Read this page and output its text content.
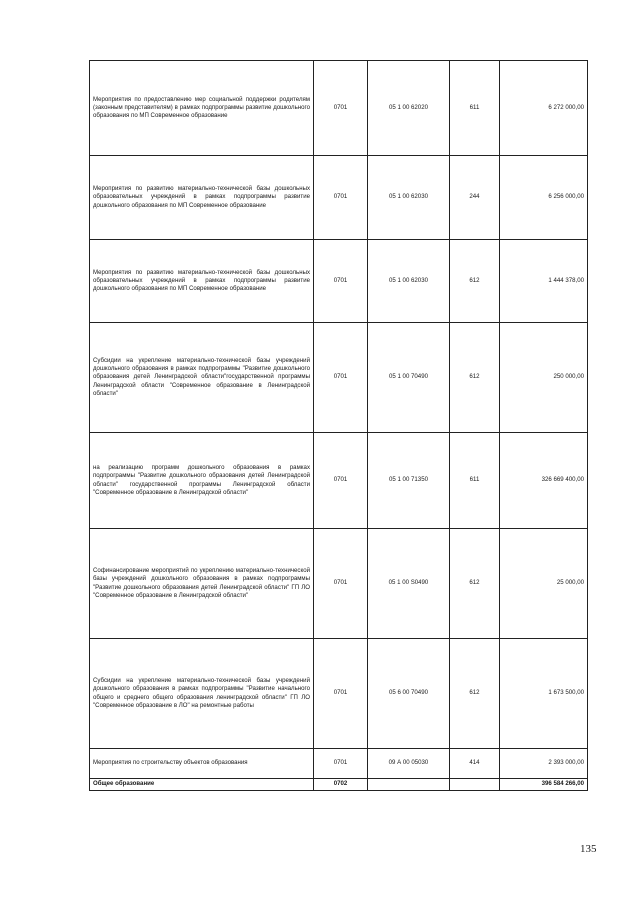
Мероприятия по предоставлению мер социальной поддержки родителям (законным представителям) в рамках подпрограммы развитие дошкольного образования по МП Современное образование	0701	05 1 00 62020	611	6 272 000,00
Мероприятия по развитию материально-технической базы дошкольных образовательных учреждений в рамках подпрограммы развитие дошкольного образования по МП Современное образование	0701	05 1 00 62030	244	6 256 000,00
Мероприятия по развитию материально-технической базы дошкольных образовательных учреждений в рамках подпрограммы развитие дошкольного образования по МП Современное образование	0701	05 1 00 62030	612	1 444 378,00
Субсидии на укрепление материально-технической базы учреждений дошкольного образования в рамках подпрограммы "Развитие дошкольного образования детей Ленинградской области"государственной программы Ленинградской области "Современное образование в Ленинградской области"	0701	05 1 00 70490	612	250 000,00
на реализацию программ дошкольного образования в рамках подпрограммы "Развитие дошкольного образования детей Ленинградской области" государственной программы Ленинградской области "Современное образование в Ленинградской области"	0701	05 1 00 71350	611	326 669 400,00
Софинансирование мероприятий по укреплению материально-технической базы учреждений дошкольного образования в рамках подпрограммы "Развитие дошкольного образования детей Ленинградской области" ГП ЛО "Современное образование в Ленинградской области"	0701	05 1 00 S0490	612	25 000,00
Субсидии на укрепление материально-технической базы учреждений дошкольного образования в рамках подпрограммы "Развитие начального общего и среднего общего образования ленинградской области" ГП ЛО "Современное образование в ЛО" на ремонтные работы	0701	05 6 00 70490	612	1 673 500,00
Мероприятия по строительству объектов образования	0701	09 А 00 05030	414	2 393 000,00
Общее образование	0702			396 584 266,00
135
